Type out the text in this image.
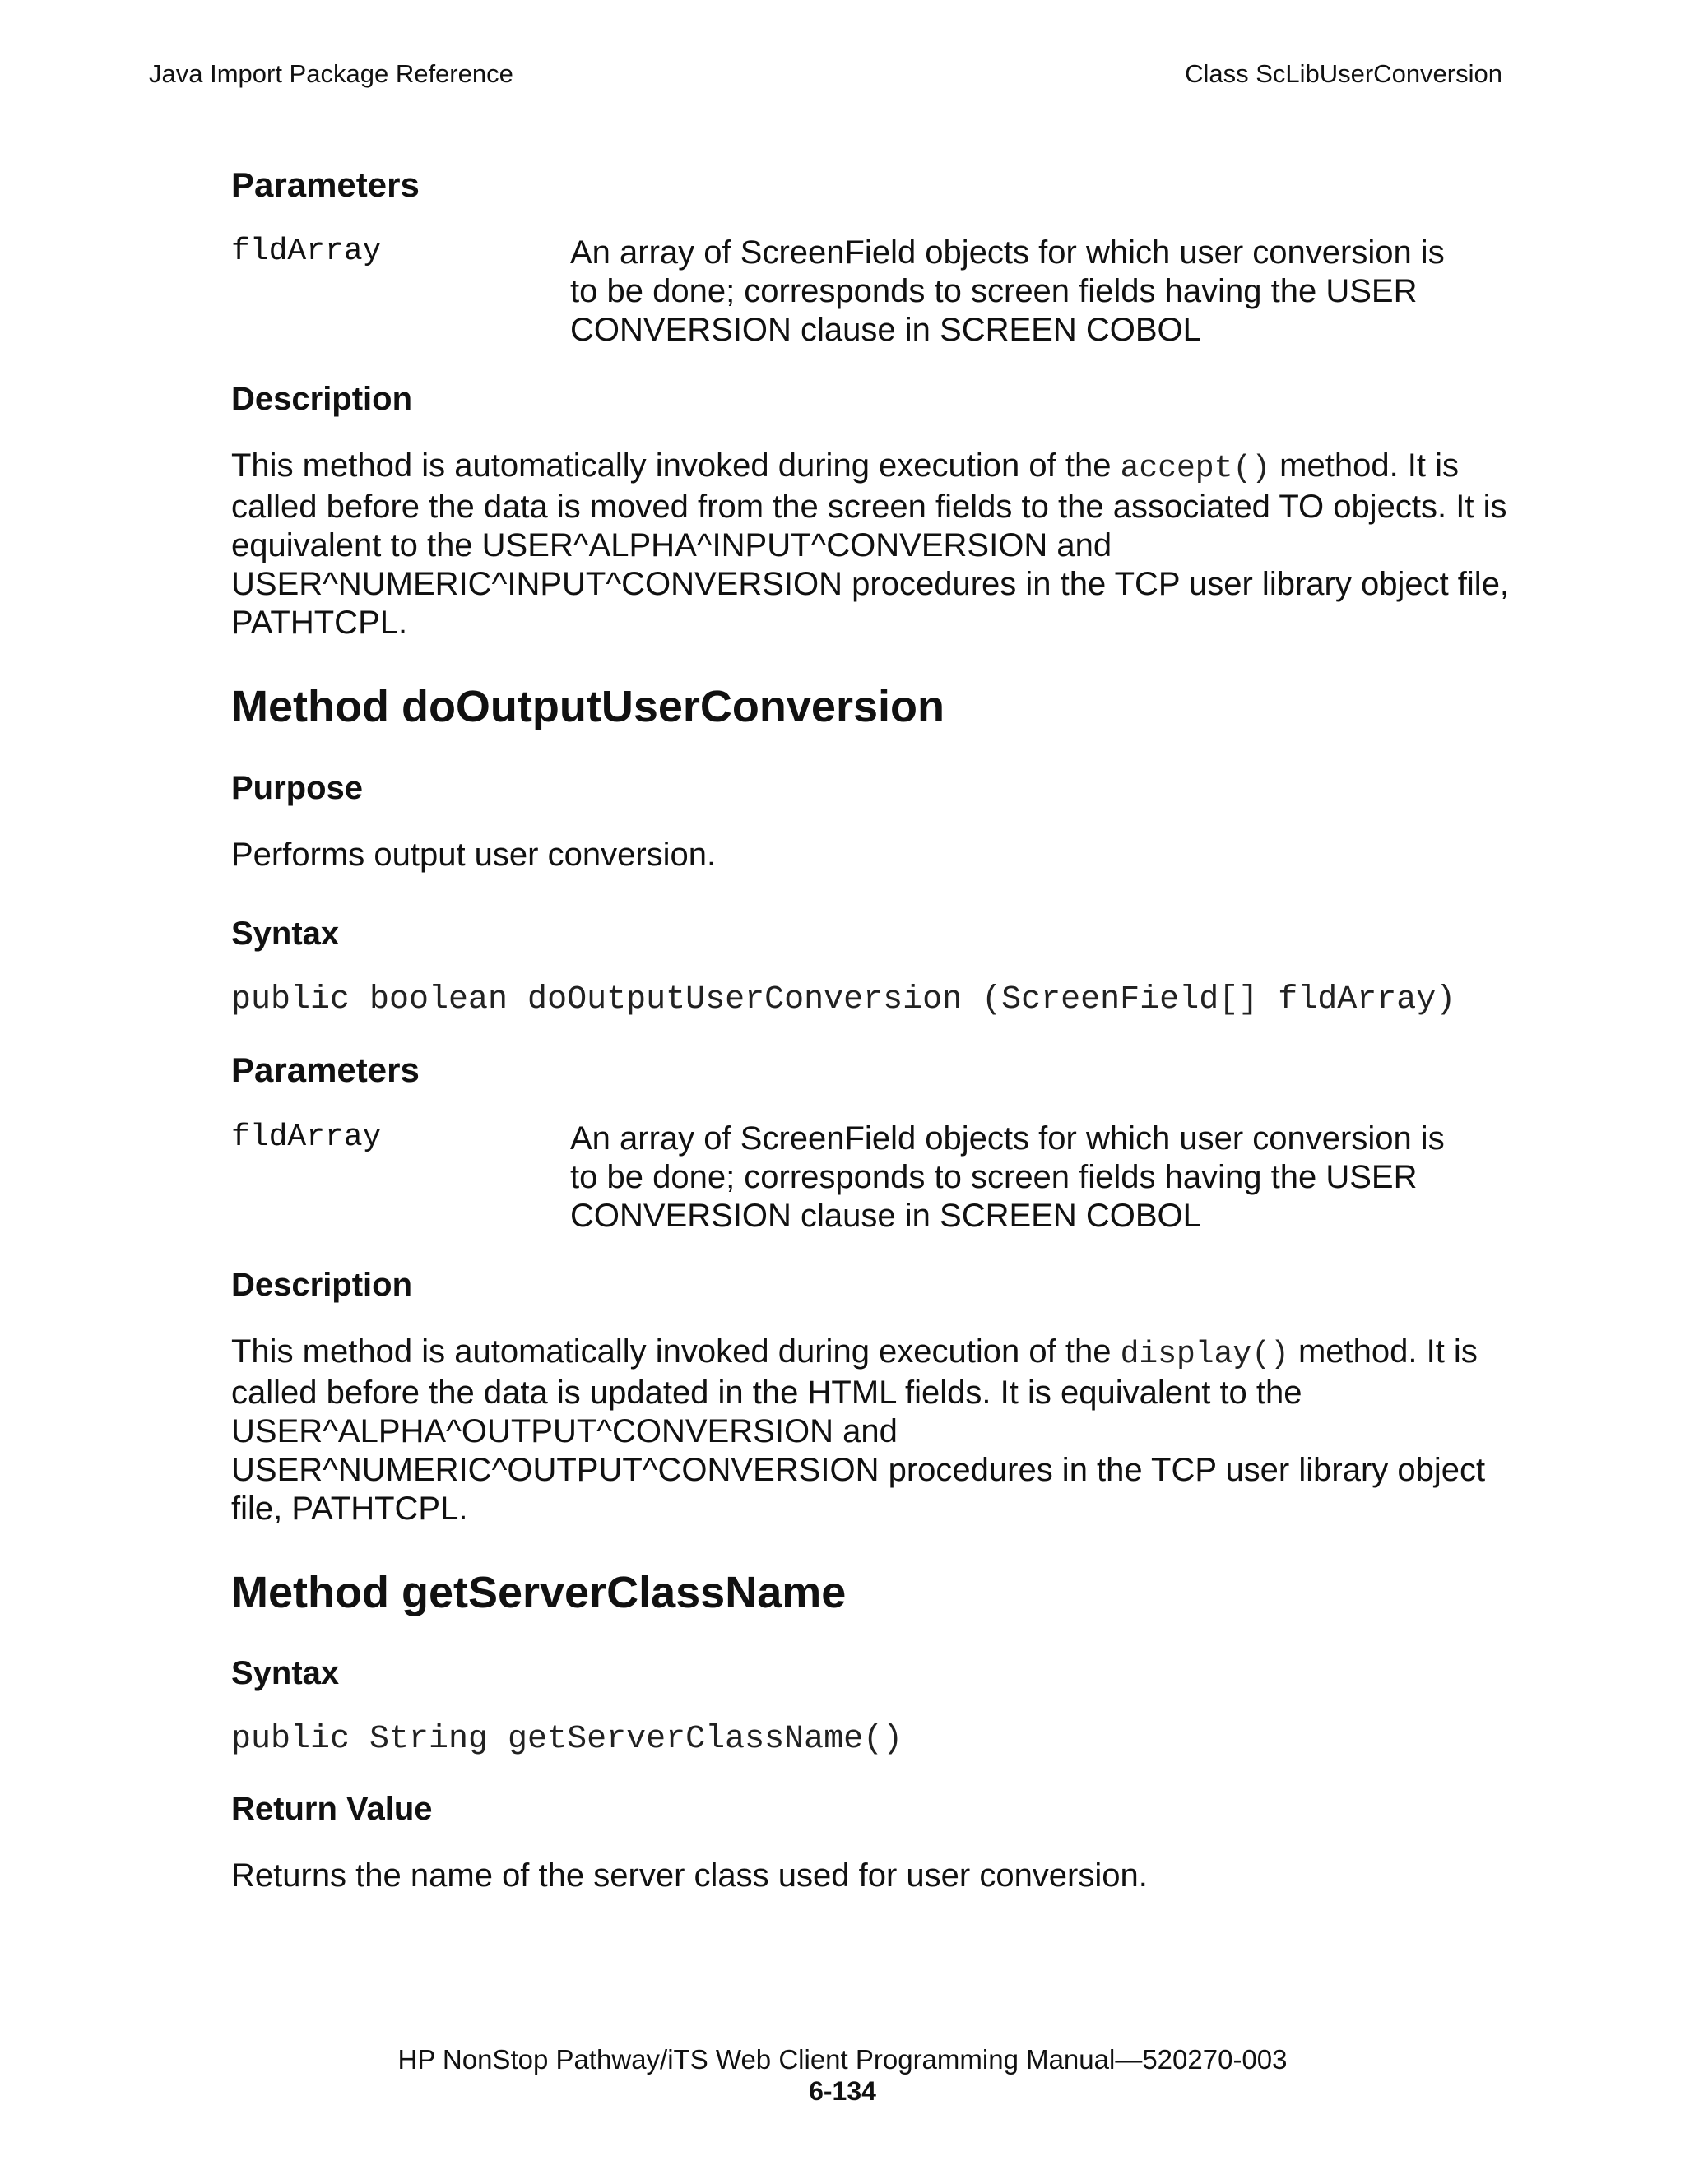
Java Import Package Reference	Class ScLibUserConversion
Parameters
fldArray	An array of ScreenField objects for which user conversion is to be done; corresponds to screen fields having the USER CONVERSION clause in SCREEN COBOL

Description

This method is automatically invoked during execution of the accept() method. It is called before the data is moved from the screen fields to the associated TO objects. It is equivalent to the USER^ALPHA^INPUT^CONVERSION and USER^NUMERIC^INPUT^CONVERSION procedures in the TCP user library object file, PATHTCPL.

Method doOutputUserConversion
Purpose

Performs output user conversion.

Syntax
public boolean doOutputUserConversion (ScreenField[] fldArray)
Parameters
fldArray	An array of ScreenField objects for which user conversion is to be done; corresponds to screen fields having the USER CONVERSION clause in SCREEN COBOL

Description

This method is automatically invoked during execution of the display() method. It is called before the data is updated in the HTML fields. It is equivalent to the USER^ALPHA^OUTPUT^CONVERSION and USER^NUMERIC^OUTPUT^CONVERSION procedures in the TCP user library object file, PATHTCPL.

Method getServerClassName
Syntax
public String getServerClassName()
Return Value

Returns the name of the server class used for user conversion.

HP NonStop Pathway/iTS Web Client Programming Manual—520270-003
6-134
